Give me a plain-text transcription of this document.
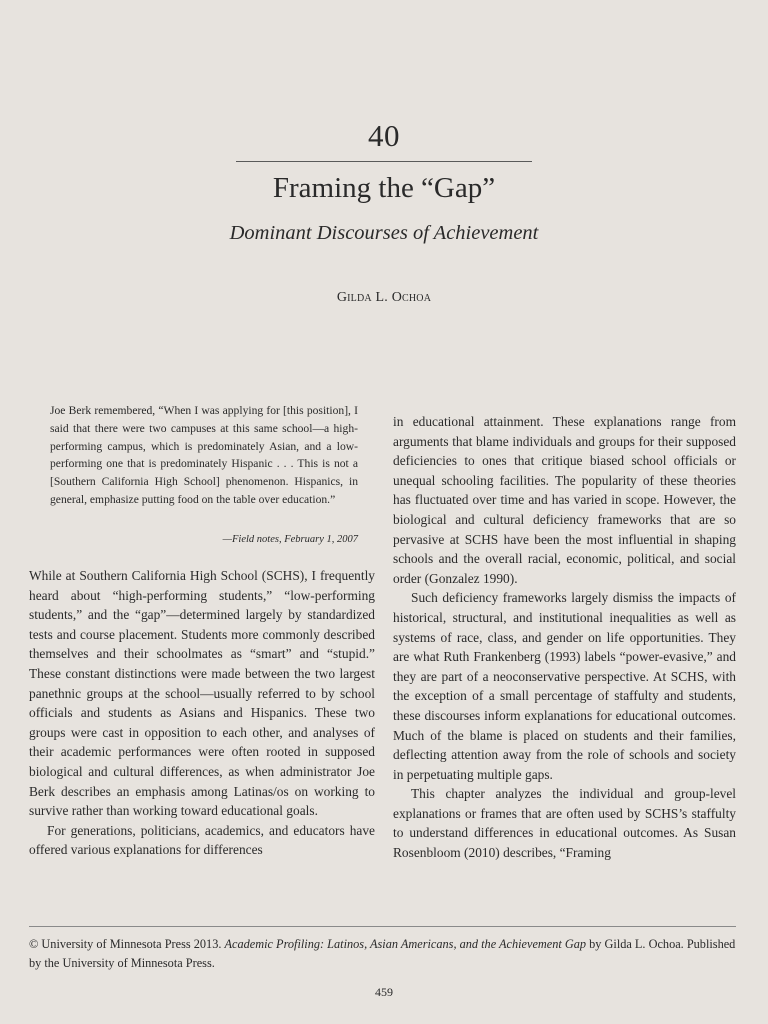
40
Framing the “Gap”
Dominant Discourses of Achievement
Gilda L. Ochoa

Joe Berk remembered, “When I was applying for [this position], I said that there were two campuses at this same school—a high-performing campus, which is predominately Asian, and a low-performing one that is predominately Hispanic . . . This is not a [Southern California High School] phenomenon. Hispanics, in general, emphasize putting food on the table over education.”

—Field notes, February 1, 2007

While at Southern California High School (SCHS), I frequently heard about “high-performing students,” “low-performing students,” and the “gap”—determined largely by standardized tests and course placement. Students more commonly described themselves and their schoolmates as “smart” and “stupid.” These constant distinctions were made between the two largest panethnic groups at the school—usually referred to by school officials and students as Asians and Hispanics. These two groups were cast in opposition to each other, and analyses of their academic performances were often rooted in supposed biological and cultural differences, as when administrator Joe Berk describes an emphasis among Latinas/os on working to survive rather than working toward educational goals.

For generations, politicians, academics, and educators have offered various explanations for differences

in educational attainment. These explanations range from arguments that blame individuals and groups for their supposed deficiencies to ones that critique biased school officials or unequal schooling facilities. The popularity of these theories has fluctuated over time and has varied in scope. However, the biological and cultural deficiency frameworks that are so pervasive at SCHS have been the most influential in shaping schools and the overall racial, economic, political, and social order (Gonzalez 1990).

Such deficiency frameworks largely dismiss the impacts of historical, structural, and institutional inequalities as well as systems of race, class, and gender on life opportunities. They are what Ruth Frankenberg (1993) labels “power-evasive,” and they are part of a neoconservative perspective. At SCHS, with the exception of a small percentage of staffulty and students, these discourses inform explanations for educational outcomes. Much of the blame is placed on students and their families, deflecting attention away from the role of schools and society in perpetuating multiple gaps.

This chapter analyzes the individual and group-level explanations or frames that are often used by SCHS’s staffulty to understand differences in educational outcomes. As Susan Rosenbloom (2010) describes, “Framing

© University of Minnesota Press 2013. Academic Profiling: Latinos, Asian Americans, and the Achievement Gap by Gilda L. Ochoa. Published by the University of Minnesota Press.
459
